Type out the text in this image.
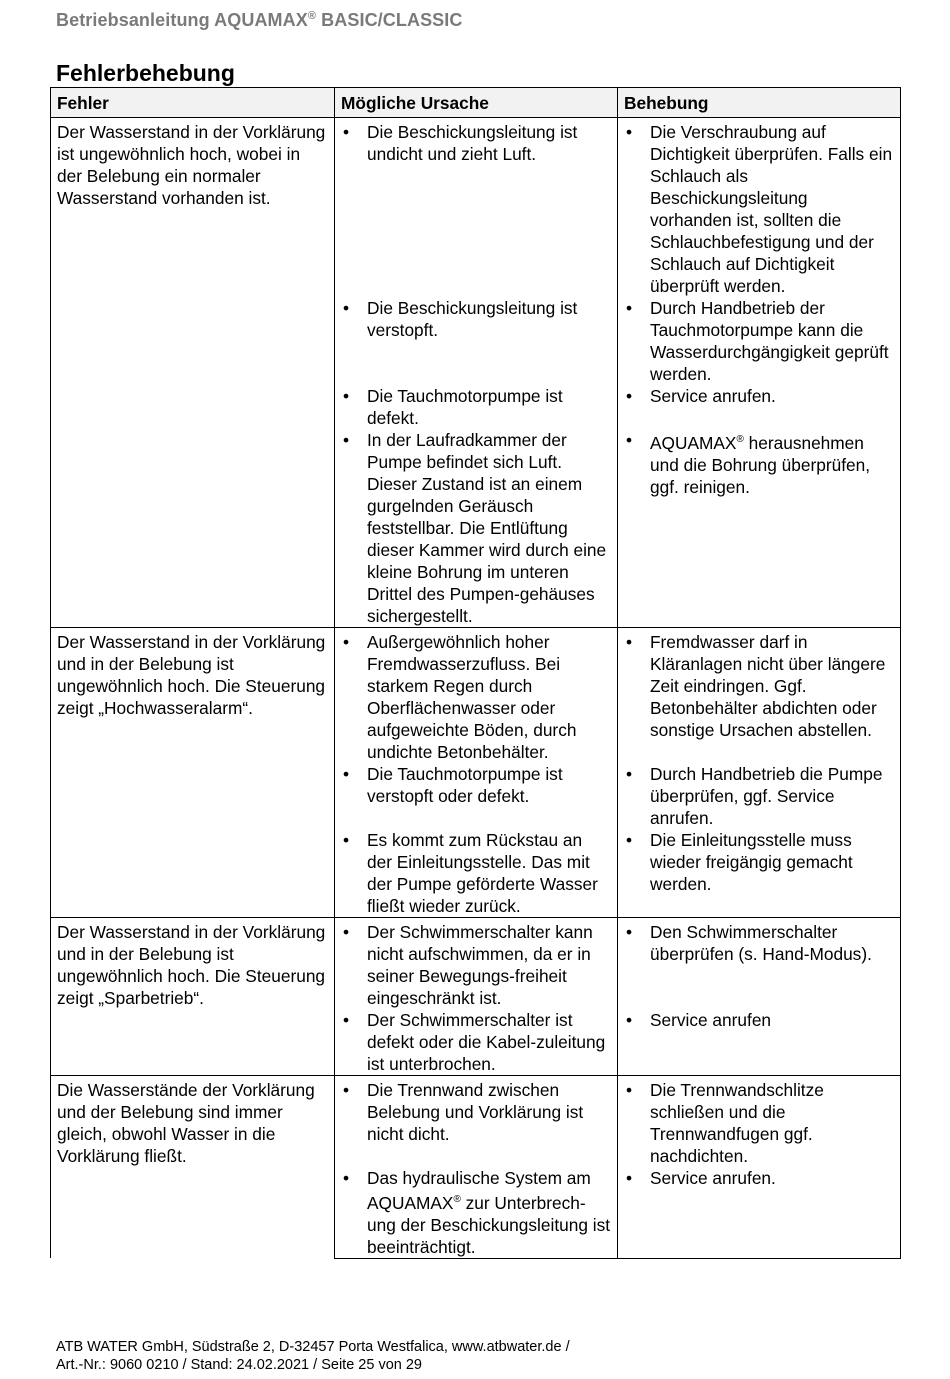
Betriebsanleitung AQUAMAX® BASIC/CLASSIC
Fehlerbehebung
Fehler	Mögliche Ursache	Behebung
Der Wasserstand in der Vorklärung ist ungewöhnlich hoch, wobei in der Belebung ein normaler Wasserstand vorhanden ist.	• Die Beschickungsleitung ist undicht und zieht Luft.	• Die Verschraubung auf Dichtigkeit überprüfen. Falls ein Schlauch als Beschickungsleitung vorhanden ist, sollten die Schlauchbefestigung und der Schlauch auf Dichtigkeit überprüft werden.

	• Die Beschickungsleitung ist verstopft.	• Durch Handbetrieb der Tauchmotorpumpe kann die Wasserdurchgängigkeit geprüft werden.

	• Die Tauchmotorpumpe ist defekt.	• Service anrufen.

	• In der Laufradkammer der Pumpe befindet sich Luft. Dieser Zustand ist an einem gurgelnden Geräusch feststellbar. Die Entlüftung dieser Kammer wird durch eine kleine Bohrung im unteren Drittel des Pumpen-gehäuses sichergestellt.	• AQUAMAX® herausnehmen und die Bohrung überprüfen, ggf. reinigen.

Der Wasserstand in der Vorklärung und in der Belebung ist ungewöhnlich hoch. Die Steuerung zeigt „Hochwasseralarm“.	• Außergewöhnlich hoher Fremdwasserzufluss. Bei starkem Regen durch Oberflächenwasser oder aufgeweichte Böden, durch undichte Betonbehälter.	• Fremdwasser darf in Kläranlagen nicht über längere Zeit eindringen. Ggf. Betonbehälter abdichten oder sonstige Ursachen abstellen.

	• Die Tauchmotorpumpe ist verstopft oder defekt.	• Durch Handbetrieb die Pumpe überprüfen, ggf. Service anrufen.

	• Es kommt zum Rückstau an der Einleitungsstelle. Das mit der Pumpe geförderte Wasser fließt wieder zurück.	• Die Einleitungsstelle muss wieder freigängig gemacht werden.

Der Wasserstand in der Vorklärung und in der Belebung ist ungewöhnlich hoch. Die Steuerung zeigt „Sparbetrieb“.	• Der Schwimmerschalter kann nicht aufschwimmen, da er in seiner Bewegungs-freiheit eingeschränkt ist.	• Den Schwimmerschalter überprüfen (s. Hand-Modus).

	• Der Schwimmerschalter ist defekt oder die Kabel-zuleitung ist unterbrochen.	• Service anrufen

Die Wasserstände der Vorklärung und der Belebung sind immer gleich, obwohl Wasser in die Vorklärung fließt.	• Die Trennwand zwischen Belebung und Vorklärung ist nicht dicht.	• Die Trennwandschlitze schließen und die Trennwandfugen ggf. nachdichten.

	• Das hydraulische System am AQUAMAX® zur Unterbrech-ung der Beschickungsleitung ist beeinträchtigt.	• Service anrufen.
ATB WATER GmbH, Südstraße 2, D-32457 Porta Westfalica, www.atbwater.de /
Art.-Nr.: 9060 0210 / Stand: 24.02.2021 / Seite 25 von 29
